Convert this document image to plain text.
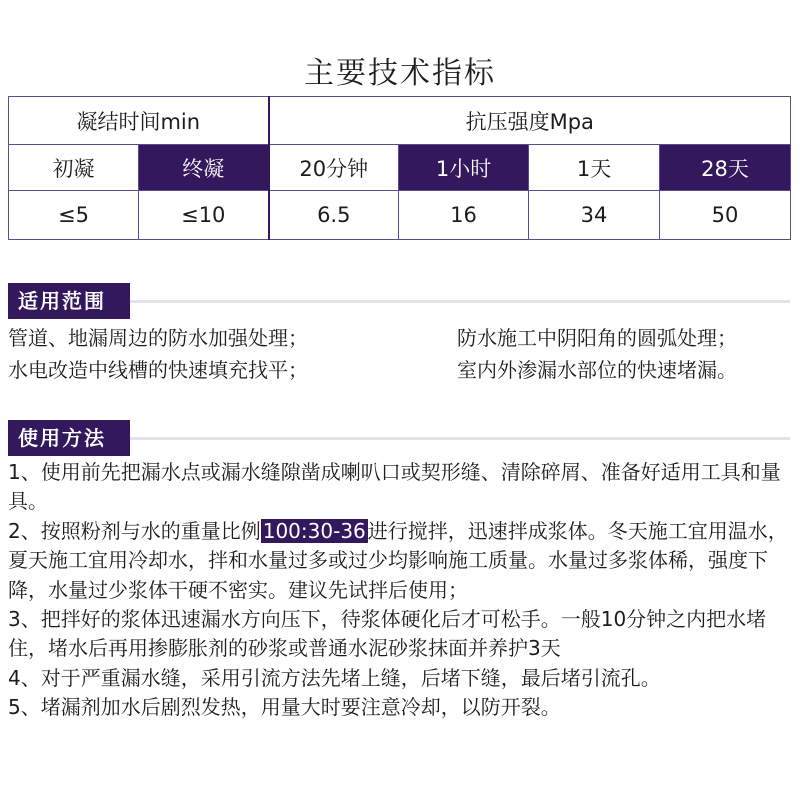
主要技术指标
凝结时间min		抗压强度Mpa			
初凝	终凝	20分钟	1小时	1天	28天
≤5	≤10	6.5	16	34	50
适用范围
管道、地漏周边的防水加强处理；	防水施工中阴阳角的圆弧处理；
水电改造中线槽的快速填充找平；	室内外渗漏水部位的快速堵漏。
使用方法
1、使用前先把漏水点或漏水缝隙凿成喇叭口或契形缝、清除碎屑、准备好适用工具和量具。
2、按照粉剂与水的重量比例 100:30-36 进行搅拌，迅速拌成浆体。冬天施工宜用温水，夏天施工宜用冷却水，拌和水量过多或过少均影响施工质量。水量过多浆体稀，强度下降，水量过少浆体干硬不密实。建议先试拌后使用；
3、把拌好的浆体迅速漏水方向压下，待浆体硬化后才可松手。一般10分钟之内把水堵住，堵水后再用掺膨胀剂的砂浆或普通水泥砂浆抹面并养护3天
4、对于严重漏水缝，采用引流方法先堵上缝，后堵下缝，最后堵引流孔。
5、堵漏剂加水后剧烈发热，用量大时要注意冷却，以防开裂。
